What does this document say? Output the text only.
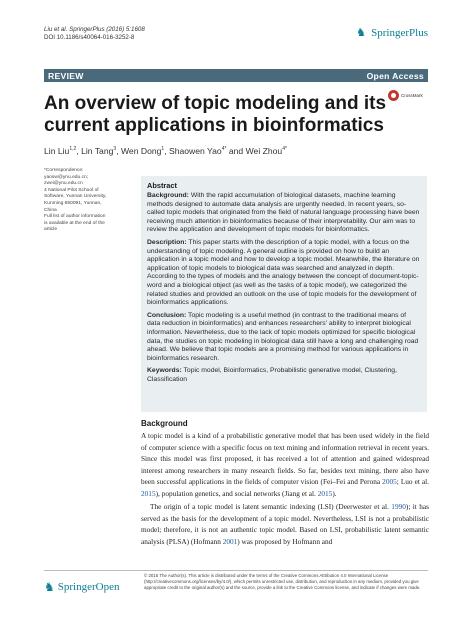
Liu et al. SpringerPlus (2016) 5:1608
DOI 10.1186/s40064-016-3252-8	♞ SpringerPlus
REVIEW	Open Access
CrossMark
An overview of topic modeling and its current applications in bioinformatics
Lin Liu$^{1,2}$, Lin Tang$^3$, Wen Dong$^1$, Shaowen Yao$^{4*}$ and Wei Zhou$^{4*}$

*Correspondence:

yaosw@ynu.edu.cn; zwei@ynu.edu.cn

4 National Pilot School of Software, Yunnan University, Kunming 650091, Yunnan, China

Full list of author information is available at the end of the article

Abstract

Background: With the rapid accumulation of biological datasets, machine learning methods designed to automate data analysis are urgently needed. In recent years, so-called topic models that originated from the field of natural language processing have been receiving much attention in bioinformatics because of their interpretability. Our aim was to review the application and development of topic models for bioinformatics.

Description: This paper starts with the description of a topic model, with a focus on the understanding of topic modeling. A general outline is provided on how to build an application in a topic model and how to develop a topic model. Meanwhile, the literature on application of topic models to biological data was searched and analyzed in depth. According to the types of models and the analogy between the concept of document-topic-word and a biological object (as well as the tasks of a topic model), we categorized the related studies and provided an outlook on the use of topic models for the development of bioinformatics applications.

Conclusion: Topic modeling is a useful method (in contrast to the traditional means of data reduction in bioinformatics) and enhances researchers' ability to interpret biological information. Nevertheless, due to the lack of topic models optimized for specific biological data, the studies on topic modeling in biological data still have a long and challenging road ahead. We believe that topic models are a promising method for various applications in bioinformatics research.

Keywords: Topic model, Bioinformatics, Probabilistic generative model, Clustering, Classification

Background

A topic model is a kind of a probabilistic generative model that has been used widely in the field of computer science with a specific focus on text mining and information retrieval in recent years. Since this model was first proposed, it has received a lot of attention and gained widespread interest among researchers in many research fields. So far, besides text mining, there also have been successful applications in the fields of computer vision (Fei–Fei and Perona 2005; Luo et al. 2015), population genetics, and social networks (Jiang et al. 2015).

The origin of a topic model is latent semantic indexing (LSI) (Deerwester et al. 1990); it has served as the basis for the development of a topic model. Nevertheless, LSI is not a probabilistic model; therefore, it is not an authentic topic model. Based on LSI, probabilistic latent semantic analysis (PLSA) (Hofmann 2001) was proposed by Hofmann and

♞ SpringerOpen

© 2016 The Author(s). This article is distributed under the terms of the Creative Commons Attribution 4.0 International License (http://creativecommons.org/licenses/by/4.0/), which permits unrestricted use, distribution, and reproduction in any medium, provided you give appropriate credit to the original author(s) and the source, provide a link to the Creative Commons license, and indicate if changes were made.
